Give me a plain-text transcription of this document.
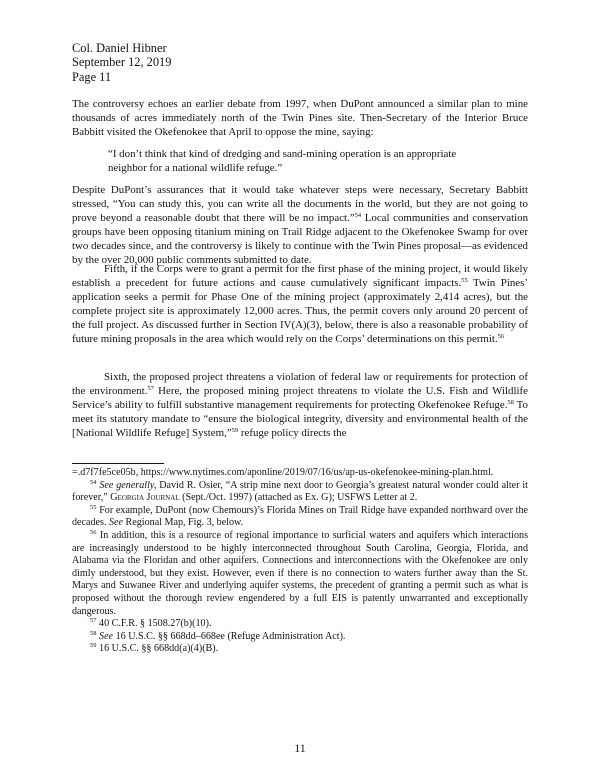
Col. Daniel Hibner
September 12, 2019
Page 11

The controversy echoes an earlier debate from 1997, when DuPont announced a similar plan to mine thousands of acres immediately north of the Twin Pines site. Then-Secretary of the Interior Bruce Babbitt visited the Okefenokee that April to oppose the mine, saying:

“I don’t think that kind of dredging and sand-mining operation is an appropriate neighbor for a national wildlife refuge.”

Despite DuPont’s assurances that it would take whatever steps were necessary, Secretary Babbitt stressed, “You can study this, you can write all the documents in the world, but they are not going to prove beyond a reasonable doubt that there will be no impact.”$^{54}$ Local communities and conservation groups have been opposing titanium mining on Trail Ridge adjacent to the Okefenokee Swamp for over two decades since, and the controversy is likely to continue with the Twin Pines proposal—as evidenced by the over 20,000 public comments submitted to date.

Fifth, if the Corps were to grant a permit for the first phase of the mining project, it would likely establish a precedent for future actions and cause cumulatively significant impacts.$^{55}$ Twin Pines’ application seeks a permit for Phase One of the mining project (approximately 2,414 acres), but the complete project site is approximately 12,000 acres. Thus, the permit covers only around 20 percent of the full project. As discussed further in Section IV(A)(3), below, there is also a reasonable probability of future mining proposals in the area which would rely on the Corps’ determinations on this permit.$^{56}$

Sixth, the proposed project threatens a violation of federal law or requirements for protection of the environment.$^{57}$ Here, the proposed mining project threatens to violate the U.S. Fish and Wildlife Service’s ability to fulfill substantive management requirements for protecting Okefenokee Refuge.$^{58}$ To meet its statutory mandate to “ensure the biological integrity, diversity and environmental health of the [National Wildlife Refuge] System,”$^{59}$ refuge policy directs the

=.d7f7fe5ce05b, https://www.nytimes.com/aponline/2019/07/16/us/ap-us-okefenokee-mining-plan.html.

$^{54}$ See generally, David R. Osier, “A strip mine next door to Georgia’s greatest natural wonder could alter it forever,” Georgia Journal (Sept./Oct. 1997) (attached as Ex. G); USFWS Letter at 2.

$^{55}$ For example, DuPont (now Chemours)’s Florida Mines on Trail Ridge have expanded northward over the decades. See Regional Map, Fig. 3, below.

$^{56}$ In addition, this is a resource of regional importance to surficial waters and aquifers which interactions are increasingly understood to be highly interconnected throughout South Carolina, Georgia, Florida, and Alabama via the Floridan and other aquifers. Connections and interconnections with the Okefenokee are only dimly understood, but they exist. However, even if there is no connection to waters further away than the St. Marys and Suwanee River and underlying aquifer systems, the precedent of granting a permit such as what is proposed without the thorough review engendered by a full EIS is patently unwarranted and exceptionally dangerous.

$^{57}$ 40 C.F.R. § 1508.27(b)(10).

$^{58}$ See 16 U.S.C. §§ 668dd–668ee (Refuge Administration Act).

$^{59}$ 16 U.S.C. §§ 668dd(a)(4)(B).

11
